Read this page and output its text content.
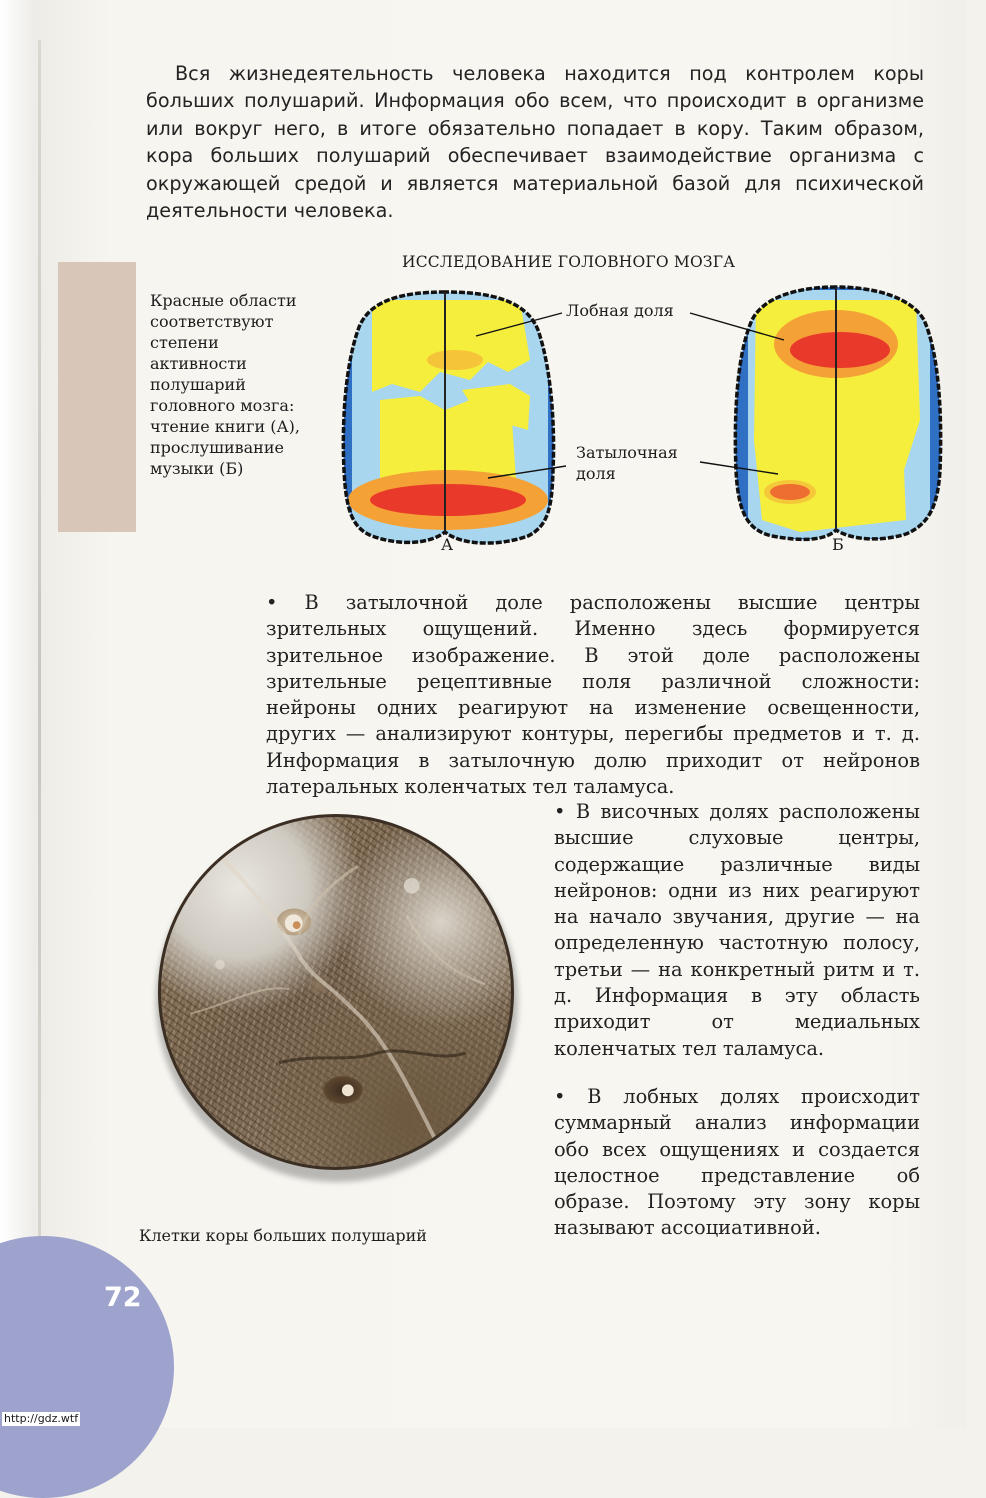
Вся жизнедеятельность человека находится под контролем коры больших полушарий. Информация обо всем, что происходит в организме или вокруг него, в итоге обязательно попадает в кору. Таким образом, кора больших полушарий обеспечивает взаимодействие организма с окружающей средой и является материальной базой для психической деятельности человека.

ИССЛЕДОВАНИЕ ГОЛОВНОГО МОЗГА
Красные области
соответствуют
степени
активности
полушарий
головного мозга:
чтение книги (А),
прослушивание
музыки (Б)
Лобная доля
Затылочная
доля
А	Б

• В затылочной доле расположены высшие центры зрительных ощущений. Именно здесь формируется зрительное изображение. В этой доле расположены зрительные рецептивные поля различной сложности: нейроны одних реагируют на изменение освещенности, других — анализируют контуры, перегибы предметов и т. д. Информация в затылочную долю приходит от нейронов латеральных коленчатых тел таламуса.

• В височных долях расположены высшие слуховые центры, содержащие различные виды нейронов: одни из них реагируют на начало звучания, другие — на определенную частотную полосу, третьи — на конкретный ритм и т. д. Информация в эту область приходит от медиальных коленчатых тел таламуса.

• В лобных долях происходит суммарный анализ информации обо всех ощущениях и создается целостное представление об образе. Поэтому эту зону коры называют ассоциативной.

Клетки коры больших полушарий
72
http://gdz.wtf
